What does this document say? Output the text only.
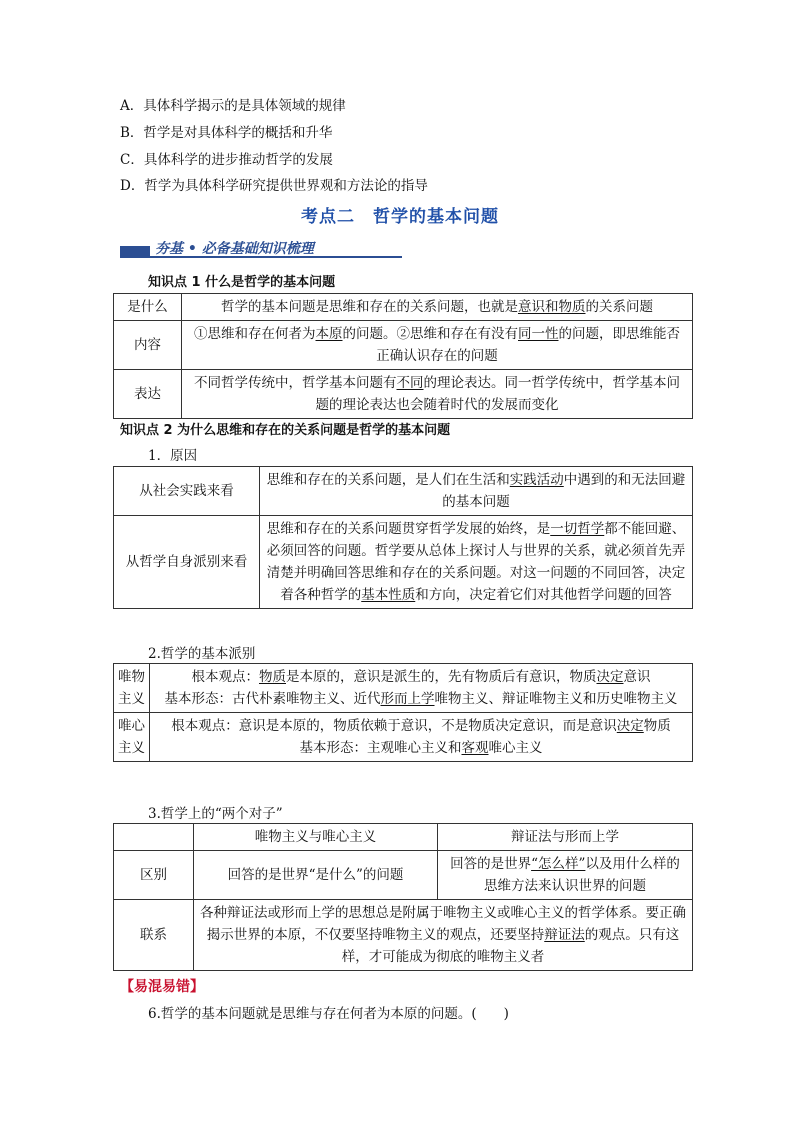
A．具体科学揭示的是具体领域的规律
B．哲学是对具体科学的概括和升华
C．具体科学的进步推动哲学的发展
D．哲学为具体科学研究提供世界观和方法论的指导
考点二　哲学的基本问题
夯基 • 必备基础知识梳理
知识点 1 什么是哲学的基本问题
是什么	哲学的基本问题是思维和存在的关系问题，也就是意识和物质的关系问题
内容	①思维和存在何者为本原的问题。②思维和存在有没有同一性的问题，即思维能否正确认识存在的问题
表达	不同哲学传统中，哲学基本问题有不同的理论表达。同一哲学传统中，哲学基本问题的理论表达也会随着时代的发展而变化
知识点 2 为什么思维和存在的关系问题是哲学的基本问题
1．原因
从社会实践来看	思维和存在的关系问题，是人们在生活和实践活动中遇到的和无法回避的基本问题
从哲学自身派别来看	思维和存在的关系问题贯穿哲学发展的始终，是一切哲学都不能回避、必须回答的问题。哲学要从总体上探讨人与世界的关系，就必须首先弄清楚并明确回答思维和存在的关系问题。对这一问题的不同回答，决定着各种哲学的基本性质和方向，决定着它们对其他哲学问题的回答
2.哲学的基本派别
唯物主义	根本观点：物质是本原的，意识是派生的，先有物质后有意识，物质决定意识
基本形态：古代朴素唯物主义、近代形而上学唯物主义、辩证唯物主义和历史唯物主义

唯心主义	根本观点：意识是本原的，物质依赖于意识，不是物质决定意识，而是意识决定物质
基本形态：主观唯心主义和客观唯心主义
3.哲学上的“两个对子”
	唯物主义与唯心主义	辩证法与形而上学
区别	回答的是世界“是什么”的问题	回答的是世界“怎么样”以及用什么样的思维方法来认识世界的问题
联系	各种辩证法或形而上学的思想总是附属于唯物主义或唯心主义的哲学体系。要正确揭示世界的本原，不仅要坚持唯物主义的观点，还要坚持辩证法的观点。只有这样，才可能成为彻底的唯物主义者	
【易混易错】
6.哲学的基本问题就是思维与存在何者为本原的问题。(　　)
